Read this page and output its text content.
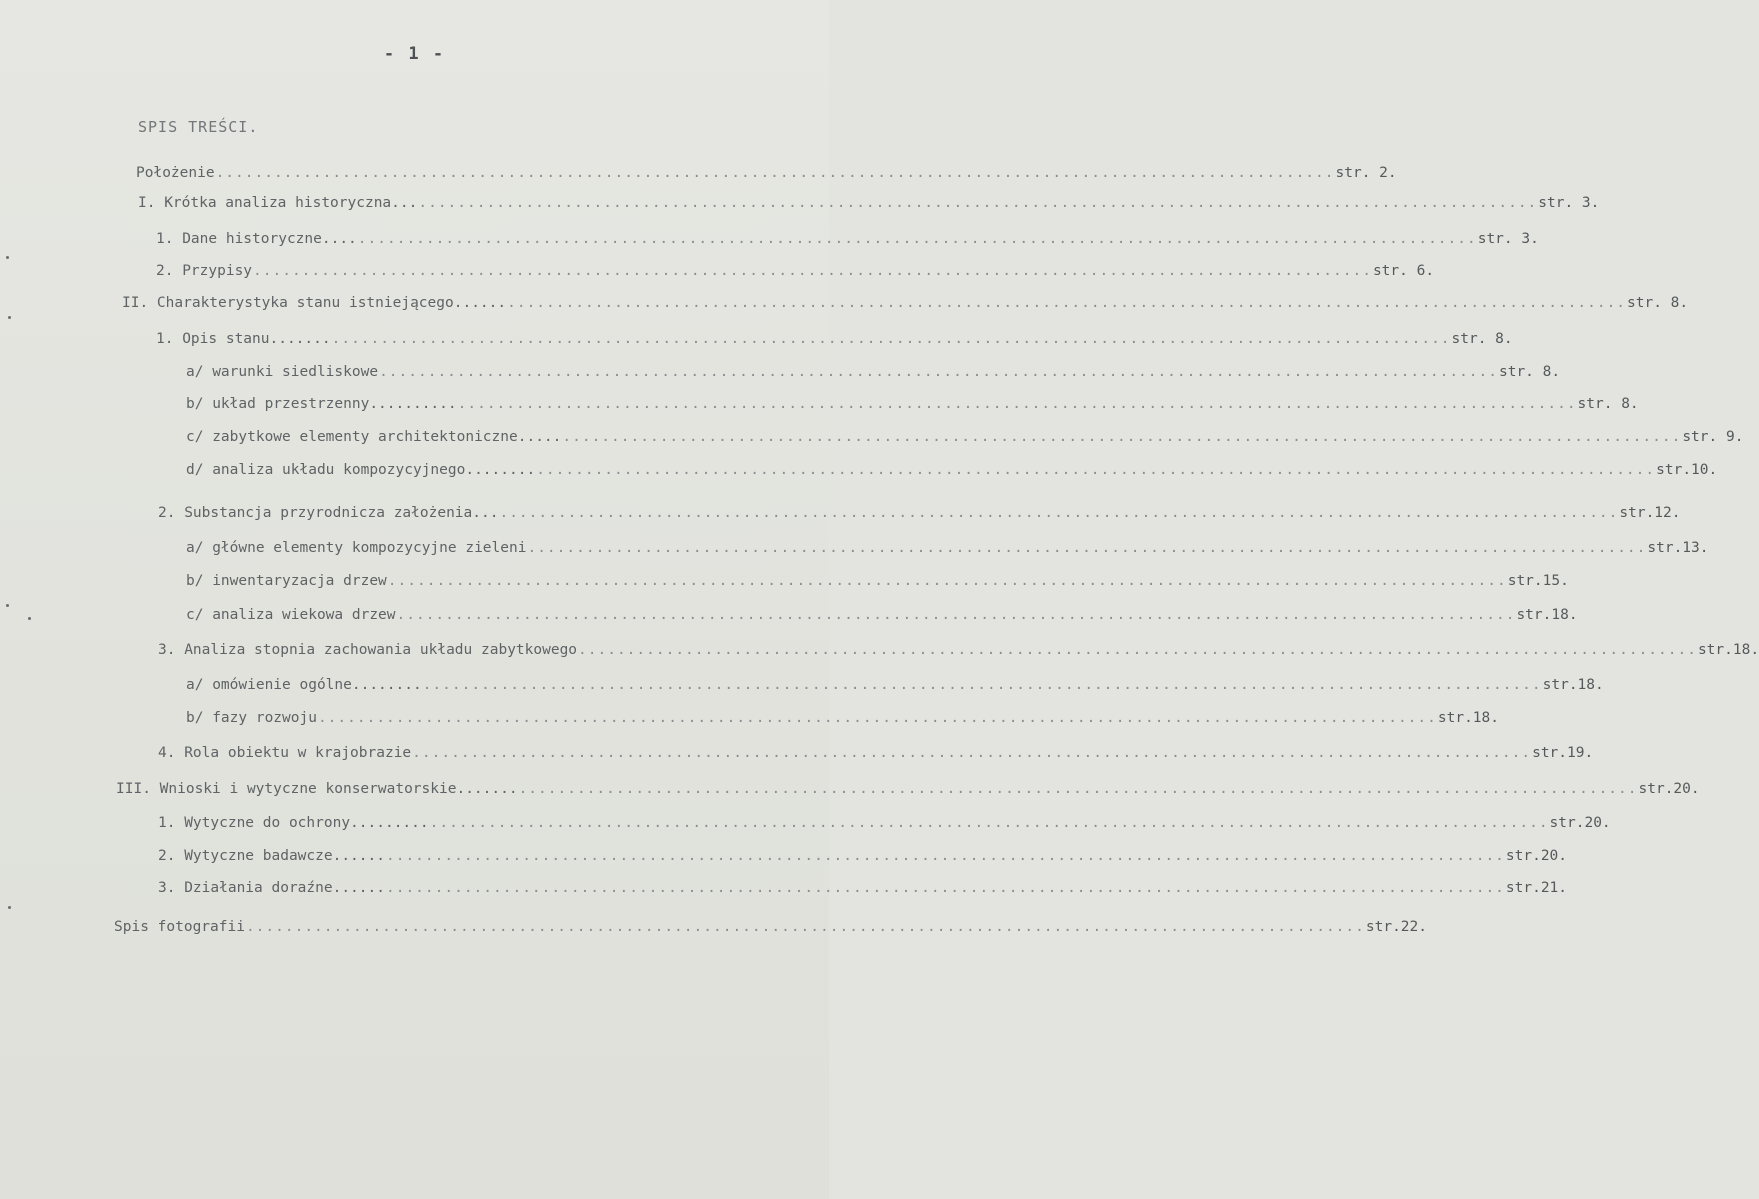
- 1 -
SPIS TREŚCI.
Położenie ................................................................................................................... str. 2.
I. Krótka analiza historyczna... ................................................................................................................... str. 3.
1. Dane historyczne.... ................................................................................................................... str. 3.
2. Przypisy ................................................................................................................... str. 6.
II. Charakterystyka stanu istniejącego...... ................................................................................................................... str. 8.
1. Opis stanu....... ................................................................................................................... str. 8.
a/ warunki siedliskowe ................................................................................................................... str. 8.
b/ układ przestrzenny.......... ................................................................................................................... str. 8.
c/ zabytkowe elementy architektoniczne..... ................................................................................................................... str. 9.
d/ analiza układu kompozycyjnego........ ................................................................................................................... str.10.
2. Substancja przyrodnicza założenia... ................................................................................................................... str.12.
a/ główne elementy kompozycyjne zieleni ................................................................................................................... str.13.
b/ inwentaryzacja drzew ................................................................................................................... str.15.
c/ analiza wiekowa drzew ................................................................................................................... str.18.
3. Analiza stopnia zachowania układu zabytkowego ................................................................................................................... str.18.
a/ omówienie ogólne........ ................................................................................................................... str.18.
b/ fazy rozwoju ................................................................................................................... str.18.
4. Rola obiektu w krajobrazie ................................................................................................................... str.19.
III. Wnioski i wytyczne konserwatorskie....... ................................................................................................................... str.20.
1. Wytyczne do ochrony......... ................................................................................................................... str.20.
2. Wytyczne badawcze...... ................................................................................................................... str.20.
3. Działania doraźne...... ................................................................................................................... str.21.
Spis fotografii ................................................................................................................... str.22.
